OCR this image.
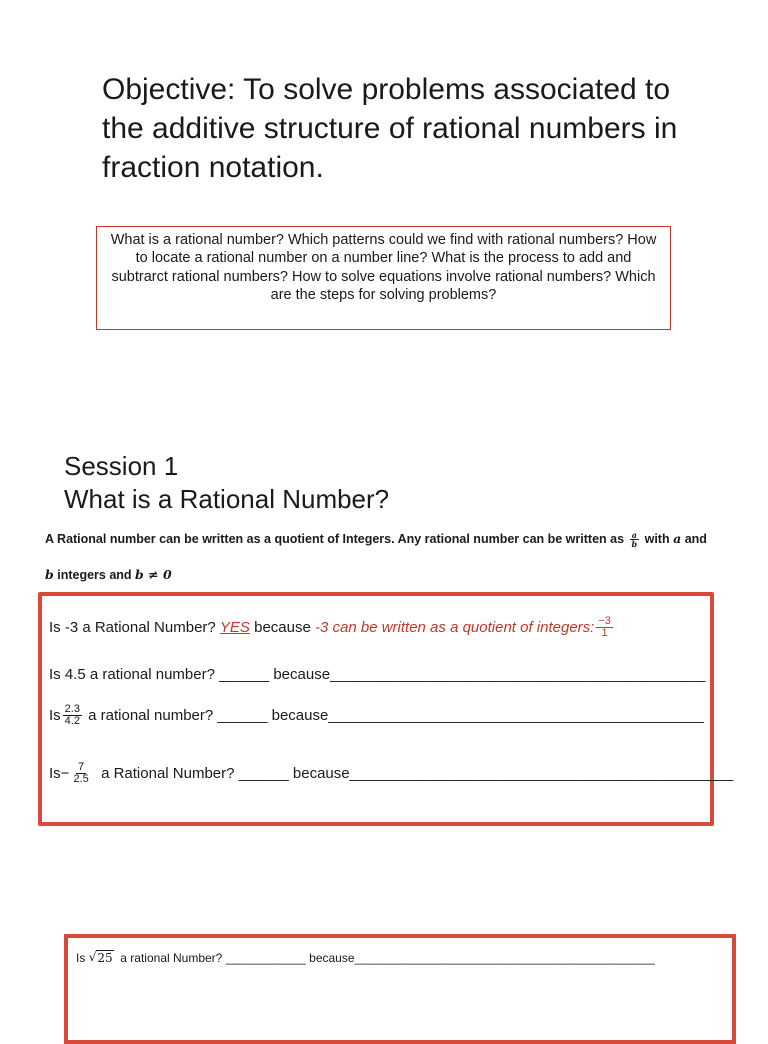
Objective: To solve problems associated to the additive structure of rational numbers in fraction notation.
What is a rational number? Which patterns could we find with rational numbers? How to locate a rational number on a number line? What is the process to add and subtrarct rational numbers? How to solve equations involve rational numbers? Which are the steps for solving problems?
Session 1
What is a Rational Number?
A Rational number can be written as a quotient of Integers. Any rational number can be written as $\frac{a}{b}$ with a and
b integers and b ≠ 0
Is -3 a Rational Number?
YES
because
-3 can be written as a quotient of integers: $\frac{-3}{1}$
Is 4.5 a rational number?
______
because _____________________________________________
Is $\frac{2.3}{4.2}$
a rational number?
______
because _____________________________________________
$Is - \frac{7}{2.5}$
a Rational Number?
______
because ______________________________________________
Is
√ 25
a rational Number?
____________
because _____________________________________________
